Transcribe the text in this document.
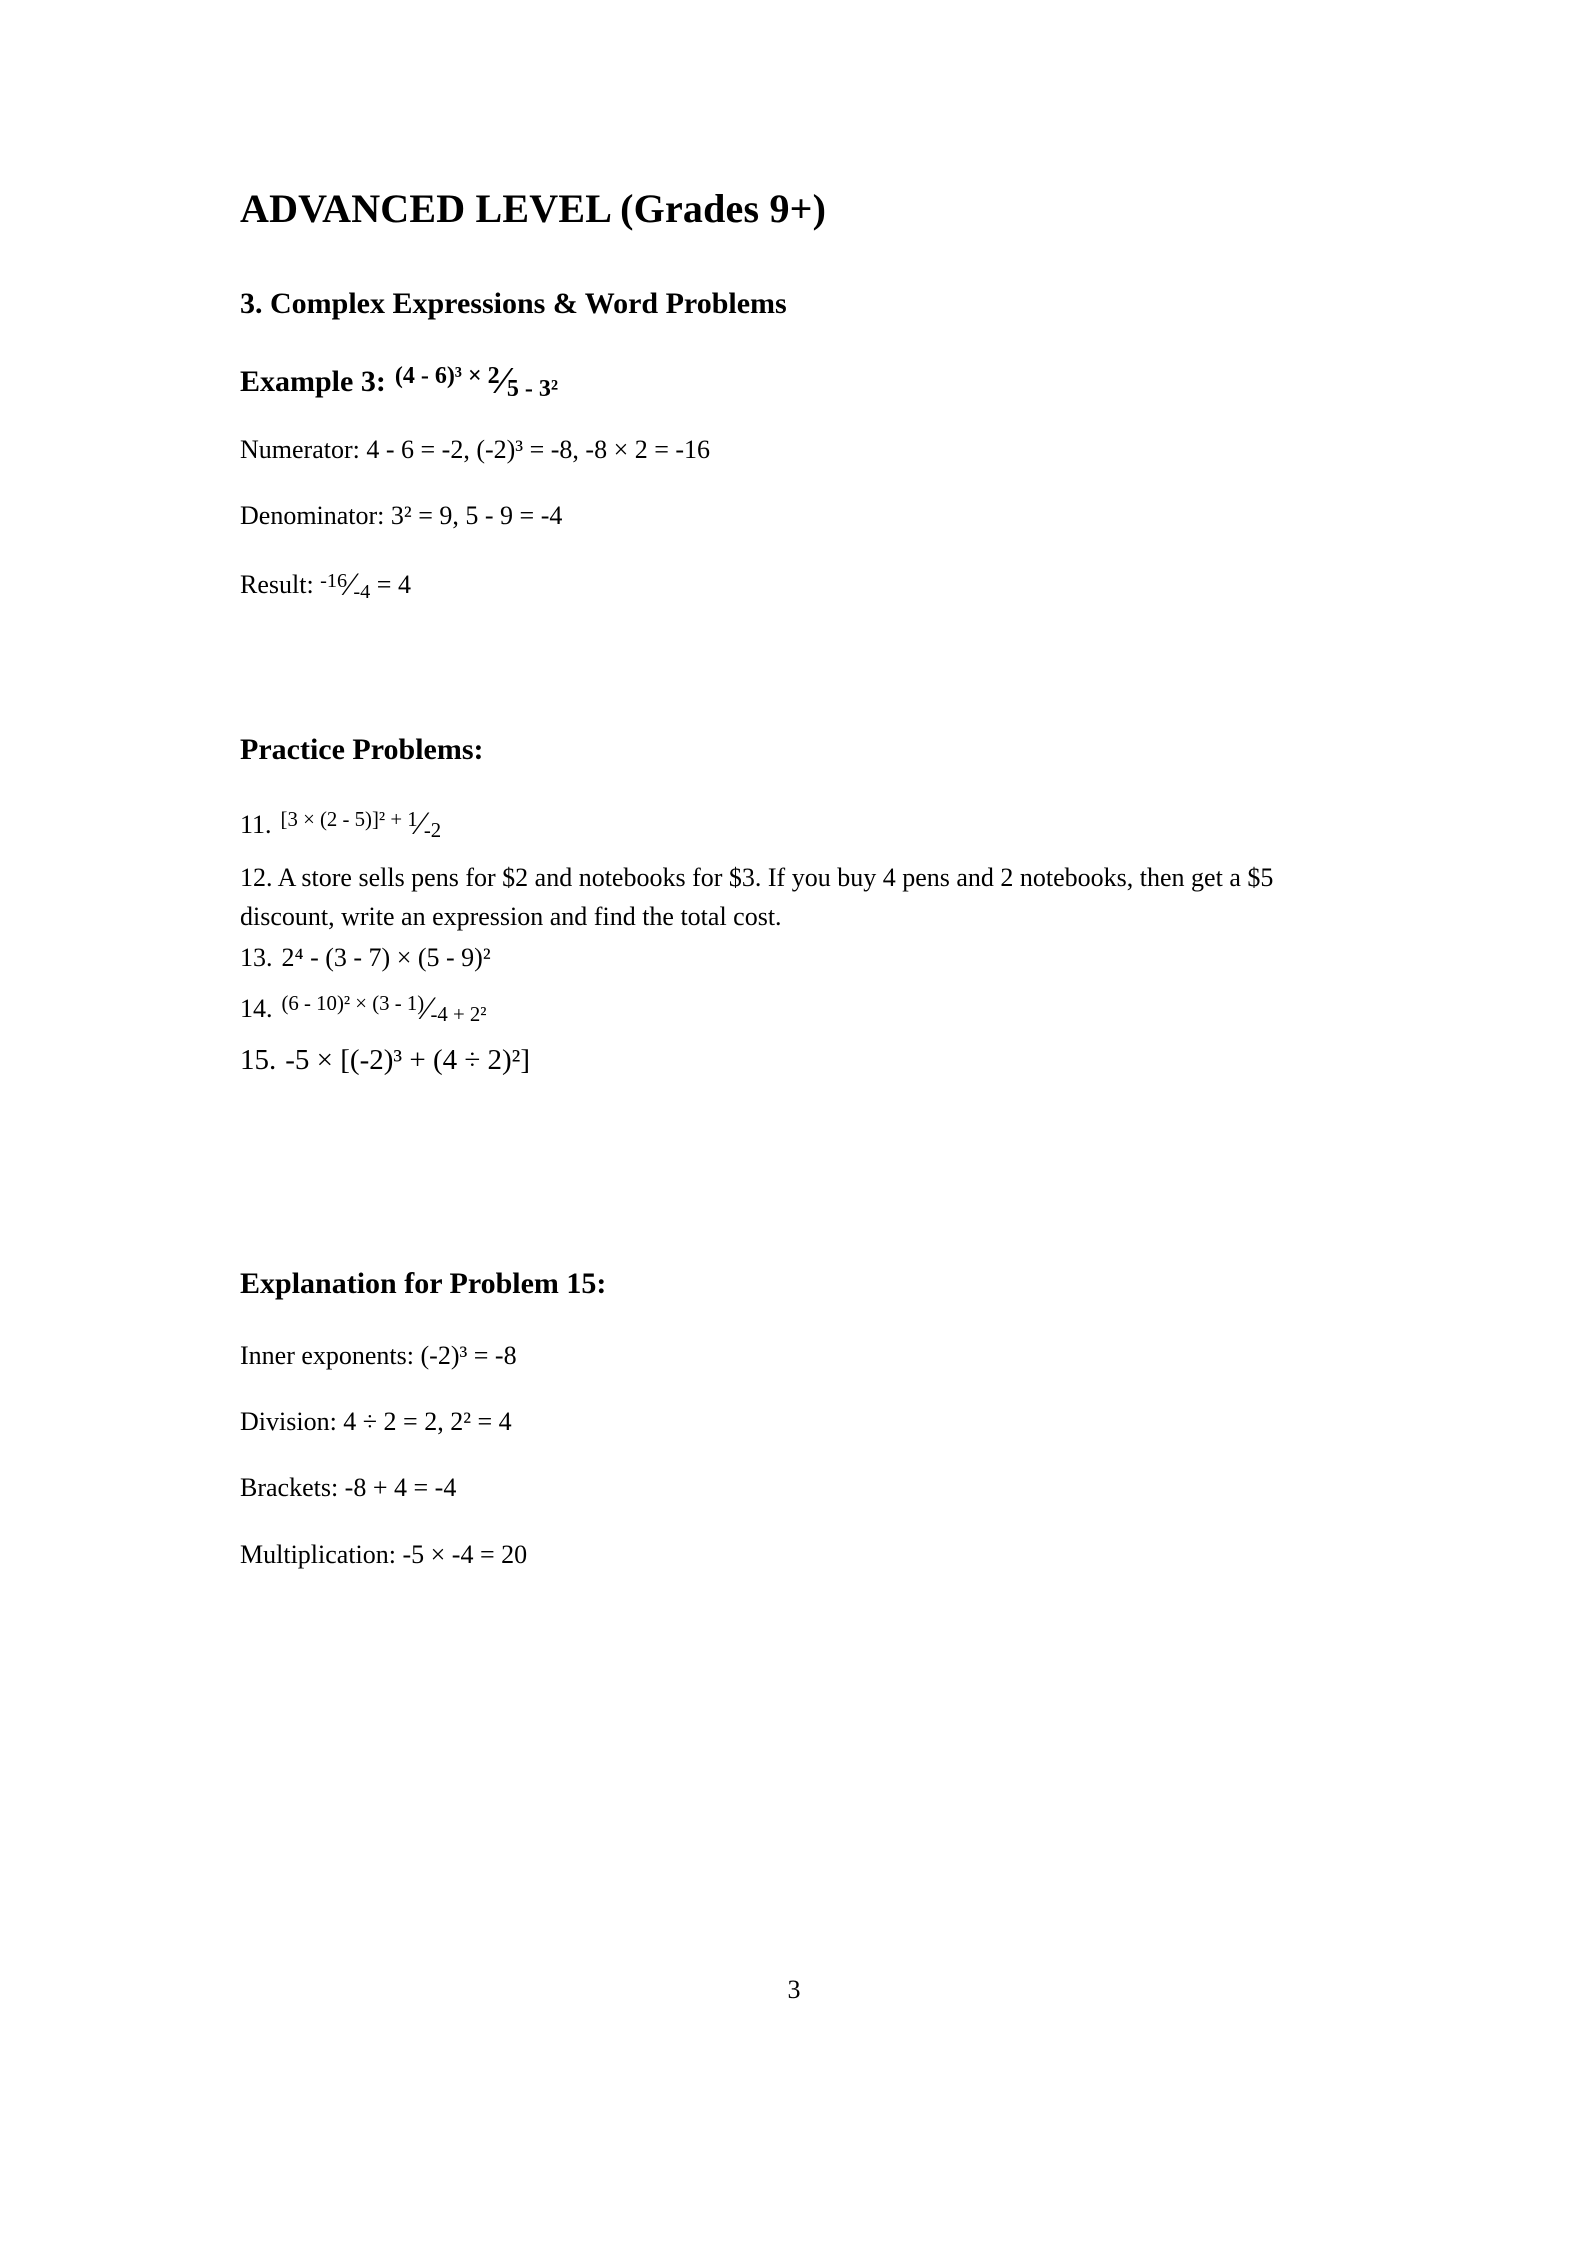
ADVANCED LEVEL (Grades 9+)
3. Complex Expressions & Word Problems
Example 3: $^{(4 - 6)^3 \times 2}$⁄5 - 3²

Numerator: 4 - 6 = -2, (-2)³ = -8, -8 × 2 = -16

Denominator: 3² = 9, 5 - 9 = -4

Result: $^{-16}$⁄-4 = 4
Practice Problems:
11. $^{[3 \times (2 - 5)]^2 + 1}$⁄-2

12. A store sells pens for $2 and notebooks for $3. If you buy 4 pens and 2 notebooks, then get a $5 discount, write an expression and find the total cost.

13. 2⁴ - (3 - 7) × (5 - 9)²
14. $^{(6 - 10)^2 \times (3 - 1)}$⁄-4 + 2²
15. -5 × [(-2)³ + (4 ÷ 2)²]
Explanation for Problem 15:

Inner exponents: (-2)³ = -8

Division: 4 ÷ 2 = 2, 2² = 4

Brackets: -8 + 4 = -4

Multiplication: -5 × -4 = 20

3
